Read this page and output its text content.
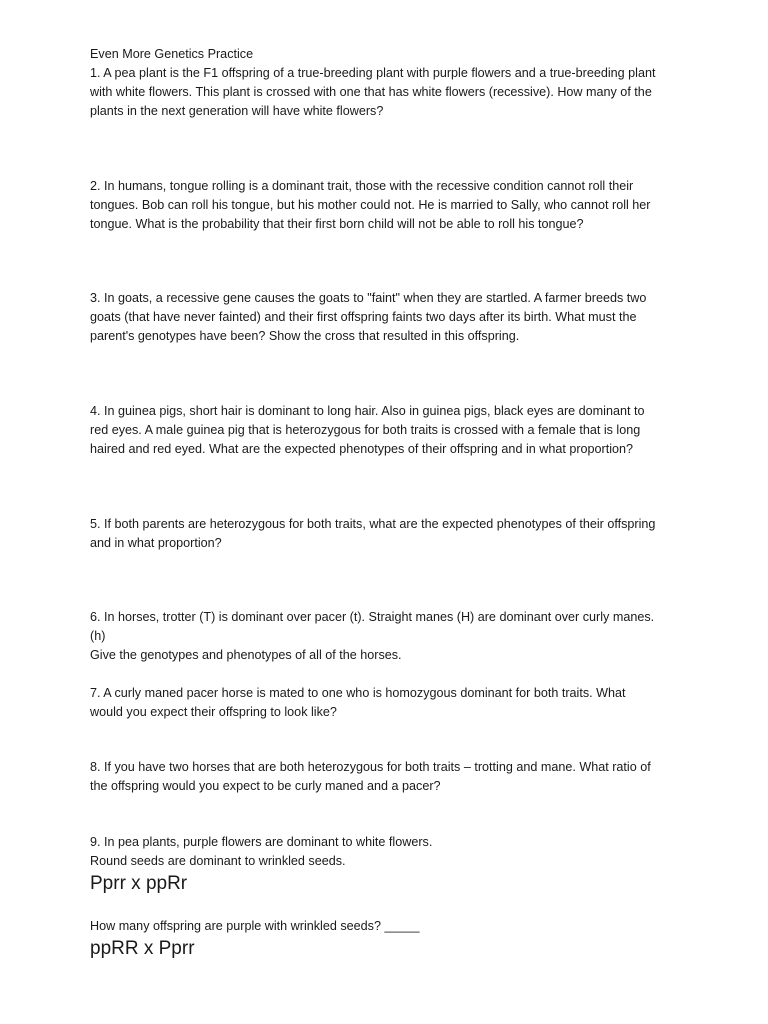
Even More Genetics Practice
1. A pea plant is the F1 offspring of a true-breeding plant with purple flowers and a true-breeding plant
with white flowers. This plant is crossed with one that has white flowers (recessive). How many of the
plants in the next generation will have white flowers?
2. In humans, tongue rolling is a dominant trait, those with the recessive condition cannot roll their
tongues. Bob can roll his tongue, but his mother could not. He is married to Sally, who cannot roll her
tongue. What is the probability that their first born child will not be able to roll his tongue?
3. In goats, a recessive gene causes the goats to "faint" when they are startled. A farmer breeds two
goats (that have never fainted) and their first offspring faints two days after its birth. What must the
parent's genotypes have been? Show the cross that resulted in this offspring.
4. In guinea pigs, short hair is dominant to long hair. Also in guinea pigs, black eyes are dominant to
red eyes. A male guinea pig that is heterozygous for both traits is crossed with a female that is long
haired and red eyed. What are the expected phenotypes of their offspring and in what proportion?
5. If both parents are heterozygous for both traits, what are the expected phenotypes of their offspring
and in what proportion?
6. In horses, trotter (T) is dominant over pacer (t). Straight manes (H) are dominant over curly manes.
(h)
Give the genotypes and phenotypes of all of the horses.
7. A curly maned pacer horse is mated to one who is homozygous dominant for both traits. What
would you expect their offspring to look like?
8. If you have two horses that are both heterozygous for both traits – trotting and mane. What ratio of
the offspring would you expect to be curly maned and a pacer?
9. In pea plants, purple flowers are dominant to white flowers.
Round seeds are dominant to wrinkled seeds.
Pprr x ppRr
How many offspring are purple with wrinkled seeds? _____
ppRR x Pprr
